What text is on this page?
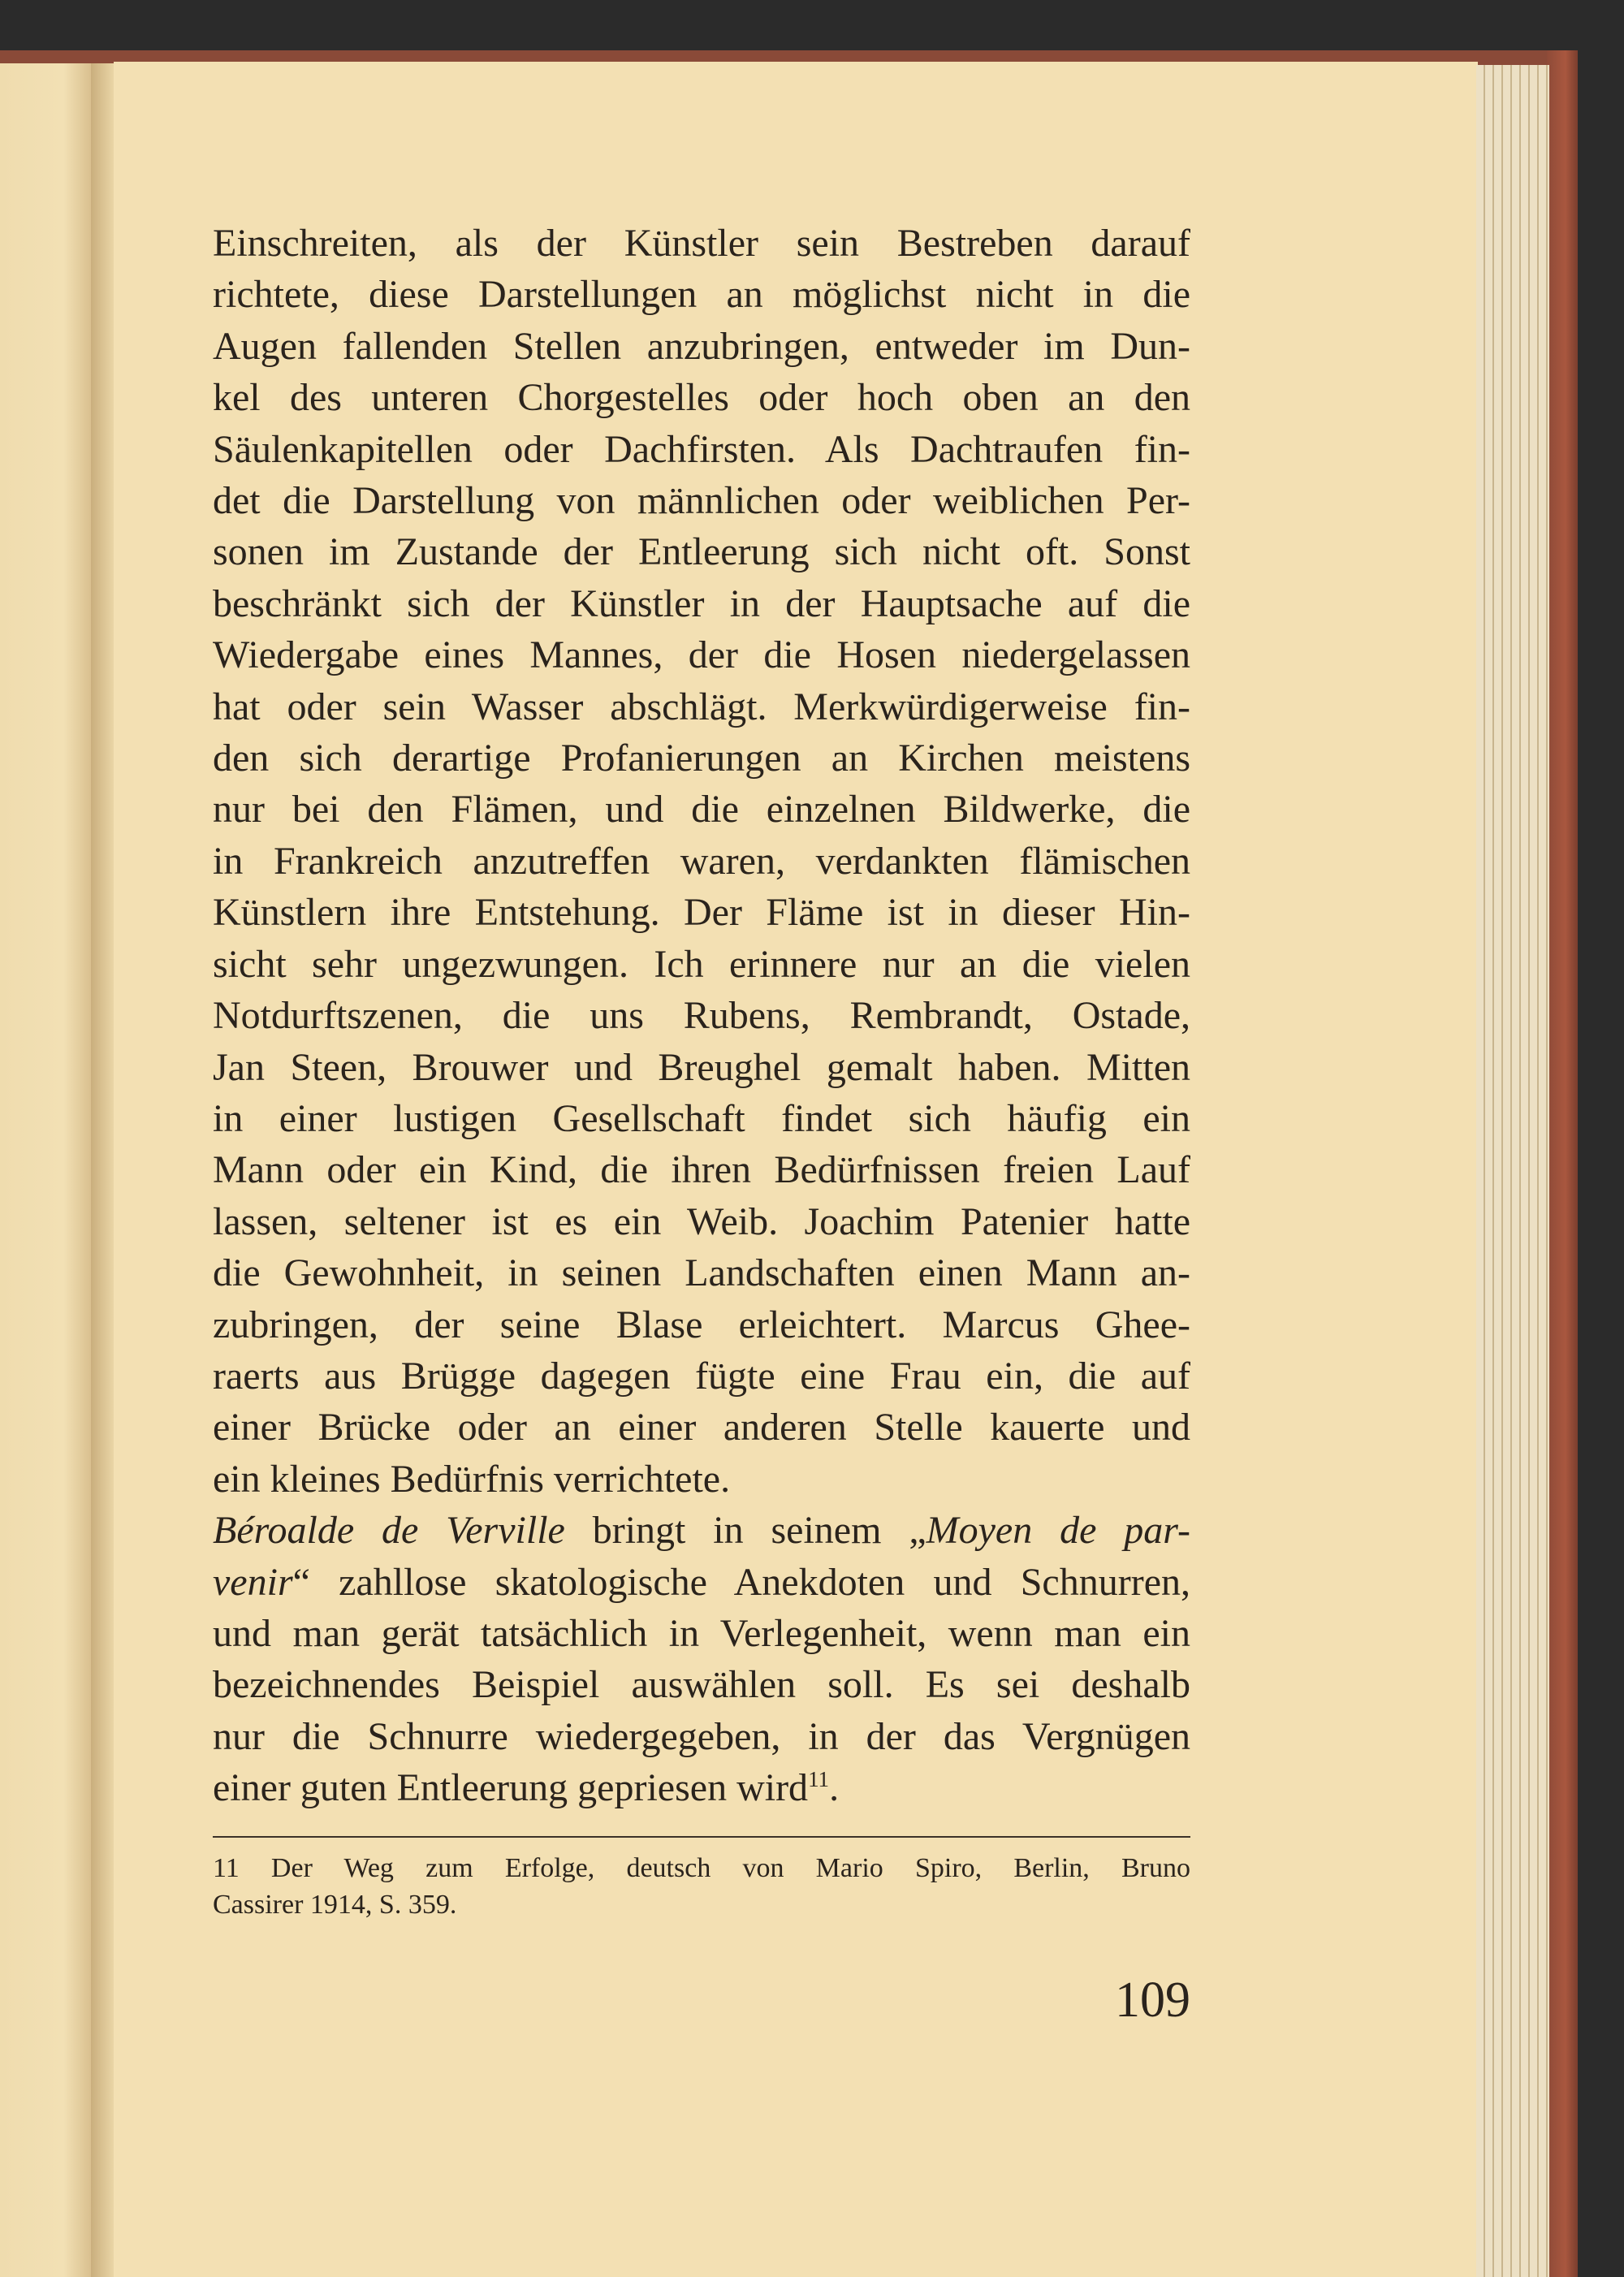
Einschreiten, als der Künstler sein Bestreben darauf
richtete, diese Darstellungen an möglichst nicht in die
Augen fallenden Stellen anzubringen, entweder im Dun-
kel des unteren Chorgestelles oder hoch oben an den
Säulenkapitellen oder Dachfirsten. Als Dachtraufen fin-
det die Darstellung von männlichen oder weiblichen Per-
sonen im Zustande der Entleerung sich nicht oft. Sonst
beschränkt sich der Künstler in der Hauptsache auf die
Wiedergabe eines Mannes, der die Hosen niedergelassen
hat oder sein Wasser abschlägt. Merkwürdigerweise fin-
den sich derartige Profanierungen an Kirchen meistens
nur bei den Flämen, und die einzelnen Bildwerke, die
in Frankreich anzutreffen waren, verdankten flämischen
Künstlern ihre Entstehung. Der Fläme ist in dieser Hin-
sicht sehr ungezwungen. Ich erinnere nur an die vielen
Notdurftszenen, die uns Rubens, Rembrandt, Ostade,
Jan Steen, Brouwer und Breughel gemalt haben. Mitten
in einer lustigen Gesellschaft findet sich häufig ein
Mann oder ein Kind, die ihren Bedürfnissen freien Lauf
lassen, seltener ist es ein Weib. Joachim Patenier hatte
die Gewohnheit, in seinen Landschaften einen Mann an-
zubringen, der seine Blase erleichtert. Marcus Ghee-
raerts aus Brügge dagegen fügte eine Frau ein, die auf
einer Brücke oder an einer anderen Stelle kauerte und
ein kleines Bedürfnis verrichtete.
Béroalde de Verville bringt in seinem „Moyen de par-
venir“ zahllose skatologische Anekdoten und Schnurren,
und man gerät tatsächlich in Verlegenheit, wenn man ein
bezeichnendes Beispiel auswählen soll. Es sei deshalb
nur die Schnurre wiedergegeben, in der das Vergnügen
einer guten Entleerung gepriesen wird$^{11}$.
11 Der Weg zum Erfolge, deutsch von Mario Spiro, Berlin, Bruno
Cassirer 1914, S. 359.
109
